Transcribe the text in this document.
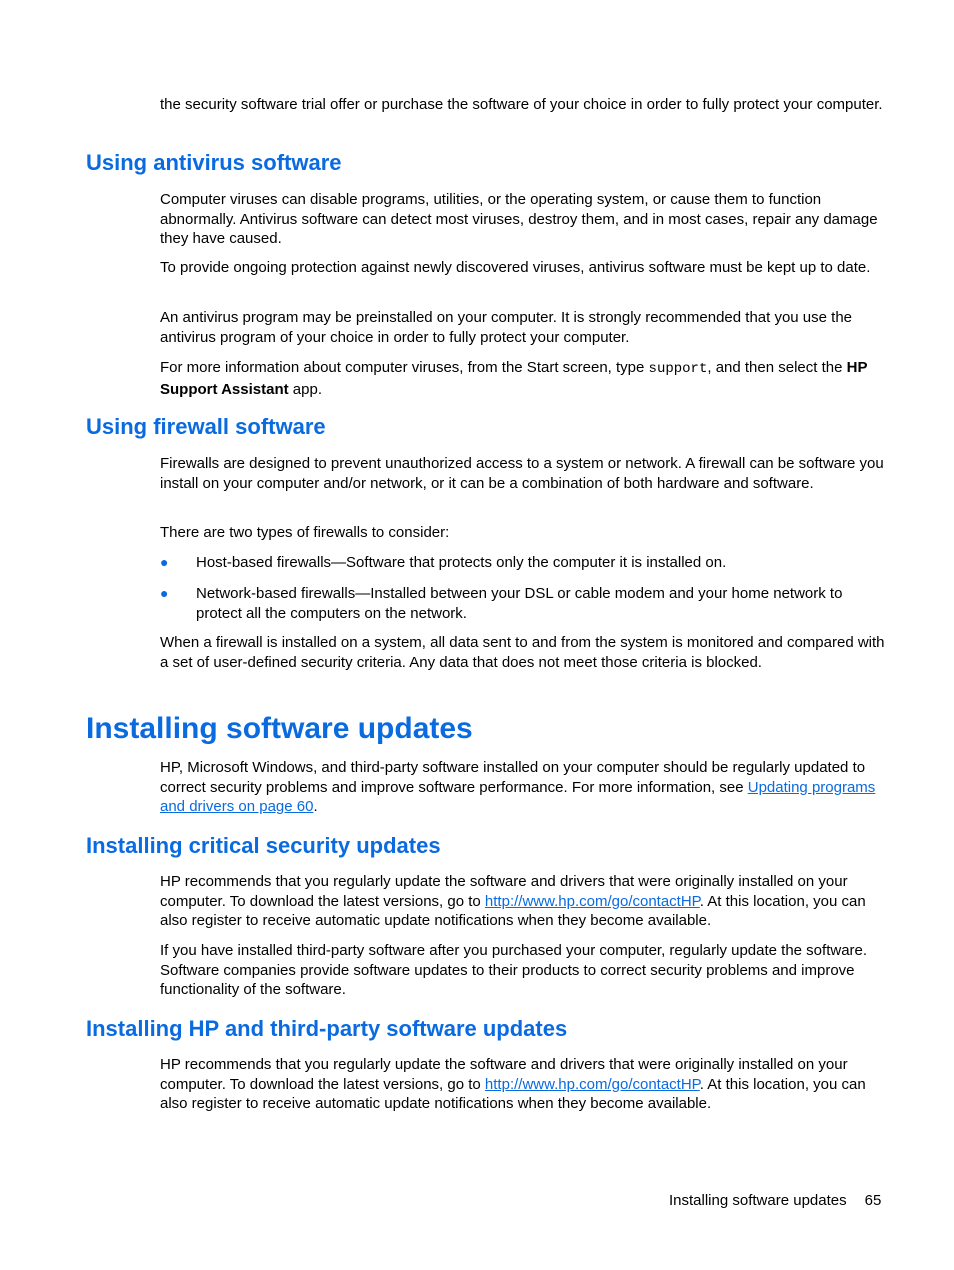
the security software trial offer or purchase the software of your choice in order to fully protect your computer.

Using antivirus software

Computer viruses can disable programs, utilities, or the operating system, or cause them to function abnormally. Antivirus software can detect most viruses, destroy them, and in most cases, repair any damage they have caused.

To provide ongoing protection against newly discovered viruses, antivirus software must be kept up to date.

An antivirus program may be preinstalled on your computer. It is strongly recommended that you use the antivirus program of your choice in order to fully protect your computer.

For more information about computer viruses, from the Start screen, type support, and then select the HP Support Assistant app.

Using firewall software

Firewalls are designed to prevent unauthorized access to a system or network. A firewall can be software you install on your computer and/or network, or it can be a combination of both hardware and software.

There are two types of firewalls to consider:

● Host-based firewalls—Software that protects only the computer it is installed on.

● Network-based firewalls—Installed between your DSL or cable modem and your home network to protect all the computers on the network.

When a firewall is installed on a system, all data sent to and from the system is monitored and compared with a set of user-defined security criteria. Any data that does not meet those criteria is blocked.

Installing software updates

HP, Microsoft Windows, and third-party software installed on your computer should be regularly updated to correct security problems and improve software performance. For more information, see Updating programs and drivers on page 60.

Installing critical security updates

HP recommends that you regularly update the software and drivers that were originally installed on your computer. To download the latest versions, go to http://www.hp.com/go/contactHP. At this location, you can also register to receive automatic update notifications when they become available.

If you have installed third-party software after you purchased your computer, regularly update the software. Software companies provide software updates to their products to correct security problems and improve functionality of the software.

Installing HP and third-party software updates

HP recommends that you regularly update the software and drivers that were originally installed on your computer. To download the latest versions, go to http://www.hp.com/go/contactHP. At this location, you can also register to receive automatic update notifications when they become available.

Installing software updates 65
